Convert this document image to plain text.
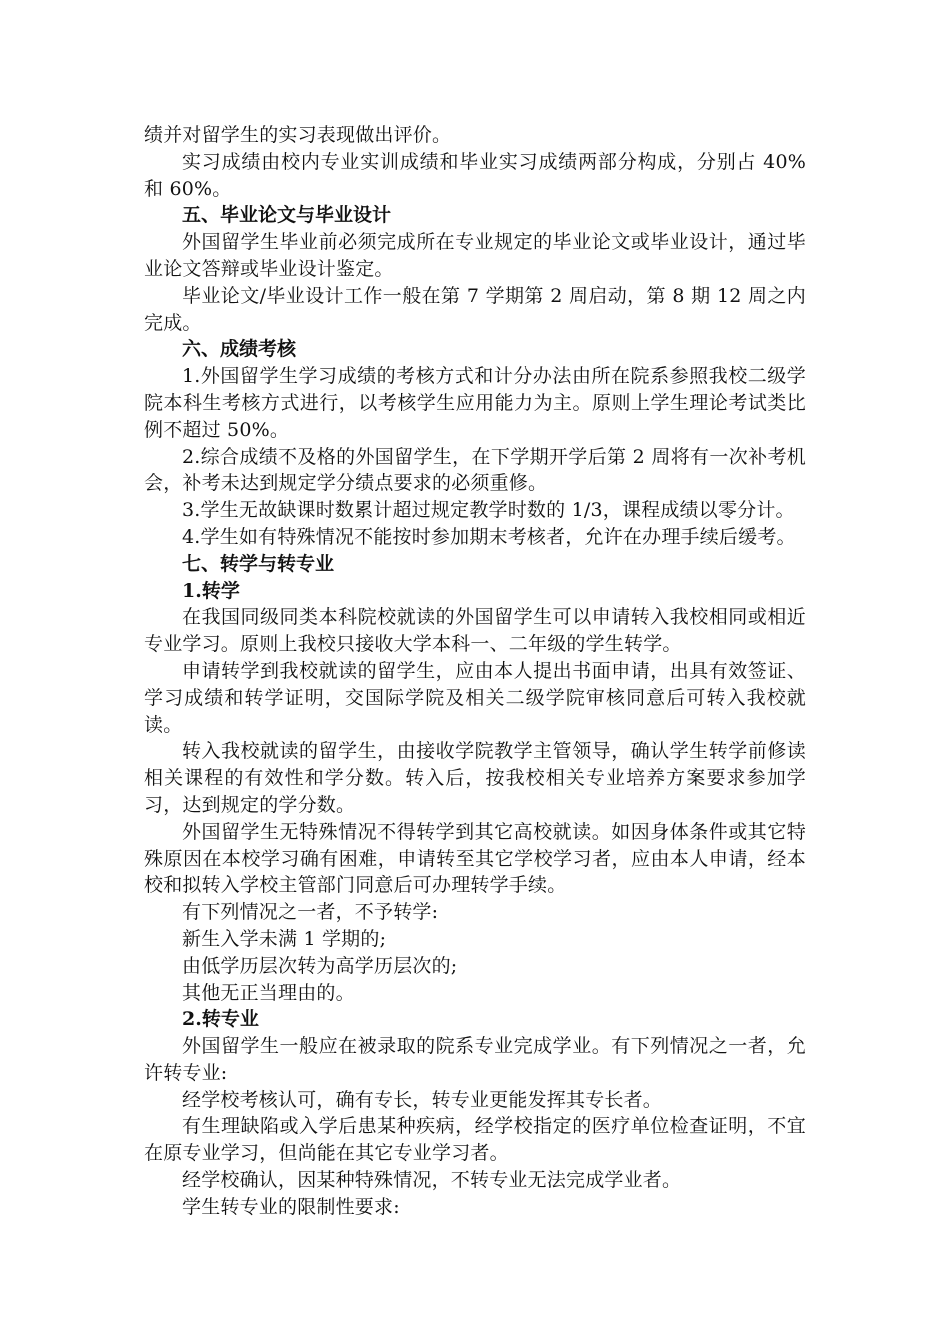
绩并对留学生的实习表现做出评价。

实习成绩由校内专业实训成绩和毕业实习成绩两部分构成，分别占 40%和 60%。

五、毕业论文与毕业设计

外国留学生毕业前必须完成所在专业规定的毕业论文或毕业设计，通过毕业论文答辩或毕业设计鉴定。

毕业论文/毕业设计工作一般在第 7 学期第 2 周启动，第 8 期 12 周之内完成。

六、成绩考核

1.外国留学生学习成绩的考核方式和计分办法由所在院系参照我校二级学院本科生考核方式进行，以考核学生应用能力为主。原则上学生理论考试类比例不超过 50%。

2.综合成绩不及格的外国留学生，在下学期开学后第 2 周将有一次补考机会，补考未达到规定学分绩点要求的必须重修。

3.学生无故缺课时数累计超过规定教学时数的 1/3，课程成绩以零分计。

4.学生如有特殊情况不能按时参加期末考核者，允许在办理手续后缓考。

七、转学与转专业

1.转学

在我国同级同类本科院校就读的外国留学生可以申请转入我校相同或相近专业学习。原则上我校只接收大学本科一、二年级的学生转学。

申请转学到我校就读的留学生，应由本人提出书面申请，出具有效签证、学习成绩和转学证明，交国际学院及相关二级学院审核同意后可转入我校就读。

转入我校就读的留学生，由接收学院教学主管领导，确认学生转学前修读相关课程的有效性和学分数。转入后，按我校相关专业培养方案要求参加学习，达到规定的学分数。

外国留学生无特殊情况不得转学到其它高校就读。如因身体条件或其它特殊原因在本校学习确有困难，申请转至其它学校学习者，应由本人申请，经本校和拟转入学校主管部门同意后可办理转学手续。

有下列情况之一者，不予转学:

新生入学未满 1 学期的;

由低学历层次转为高学历层次的;

其他无正当理由的。

2.转专业

外国留学生一般应在被录取的院系专业完成学业。有下列情况之一者，允许转专业:

经学校考核认可，确有专长，转专业更能发挥其专长者。

有生理缺陷或入学后患某种疾病，经学校指定的医疗单位检查证明，不宜在原专业学习，但尚能在其它专业学习者。

经学校确认，因某种特殊情况，不转专业无法完成学业者。

学生转专业的限制性要求:
